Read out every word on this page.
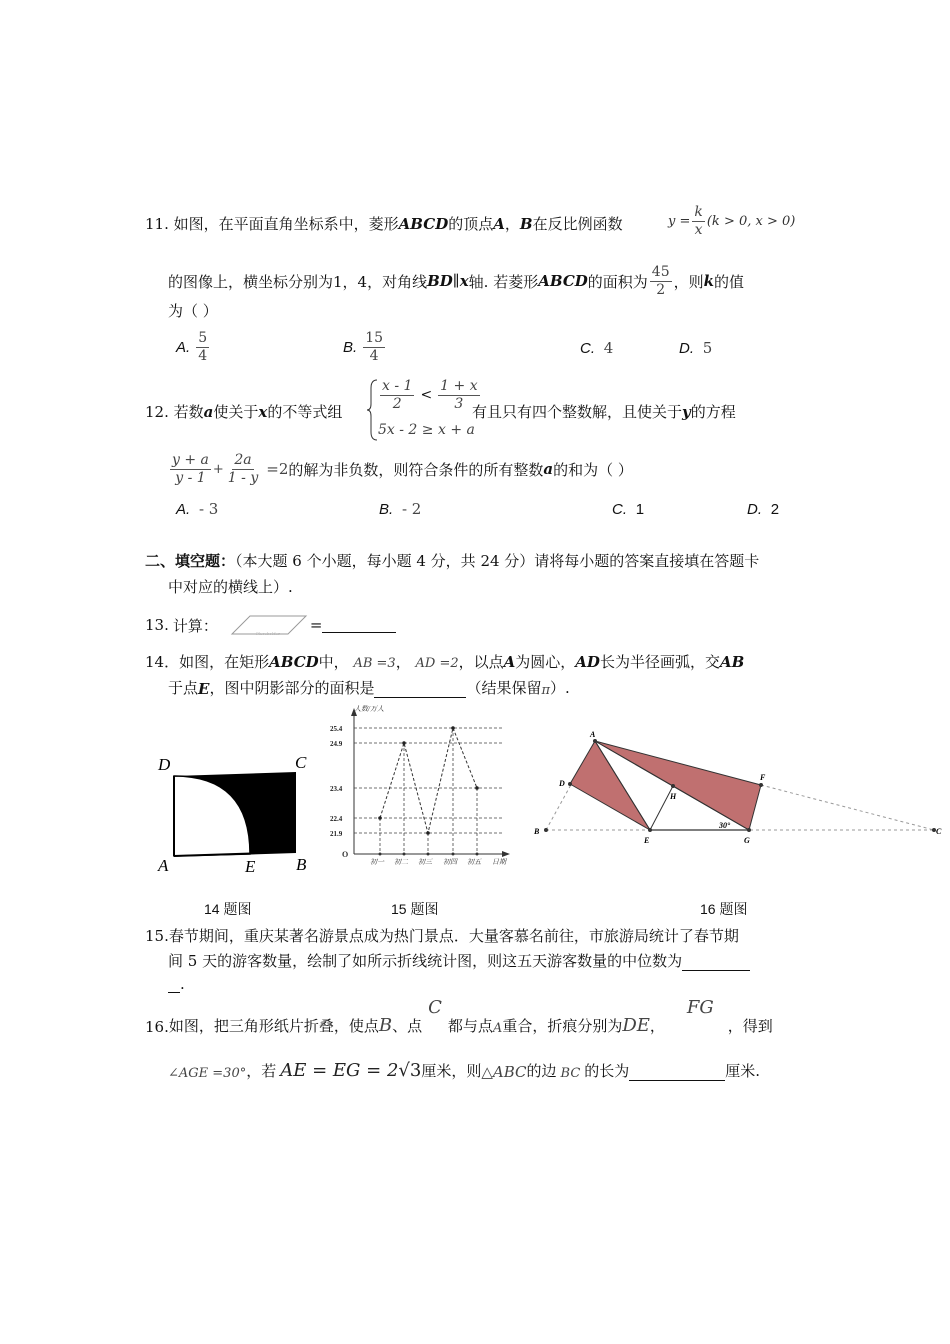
11. 如图，在平面直角坐标系中，菱形ABCD的顶点A，B在反比例函数	$y = \frac{k}{x} (k > 0$, x > 0)
的图像上，横坐标分别为1，4，对角线 BD ∥ x 轴. 若菱形 ABCD 的面积为 $\frac{45}{2}$ ，则 k 的值
为（ ）
A. $\frac{5}{4}$	B. $\frac{15}{4}$	C. 4	D. 5
12. 若数a使关于x的不等式组	$\frac{x - 1}{2} < \frac{1 + x}{3}$
5x - 2 ≥ x + a
有且只有四个整数解，且使关于y的方程
$\frac{y + a}{y - 1} + \frac{2a}{1 - y} =2$ 的解为非负数，则符合条件的所有整数 a 的和为（ ）
A. - 3	B. - 2	C. 1	D. 2
二、填空题：（本大题 6 个小题，每小题 4 分，共 24 分）请将每小题的答案直接填在答题卡
中对应的横线上）.
13. 计算：	Placeholder =
14．如图，在矩形ABCD中， AB =3， AD =2，以点A为圆心，AD长为半径画弧，交AB
于点 E ，图中阴影部分的面积是	（结果保留 π ）.
D	C
A	E B
人数/万人
日期
O
21.9
22.4
23.4
24.9
25.4
初一 初二 初三 初四 初五
A
D
B
E
H
G
F
C
30°
14 题图	15 题图	16 题图
15.春节期间，重庆某著名游景点成为热门景点．大量客慕名前往，市旅游局统计了春节期
间 5 天的游客数量，绘制了如所示折线统计图，则这五天游客数量的中位数为
.
16. 如图，把三角形纸片折叠，使点 B 、点
C
都与点 A 重合，折痕分别为 DE ，
FG
，得到
∠AGE =30° ，若 AE = EG = 2 √3 厘米，则 △ABC 的边 BC 的长为	厘米.
